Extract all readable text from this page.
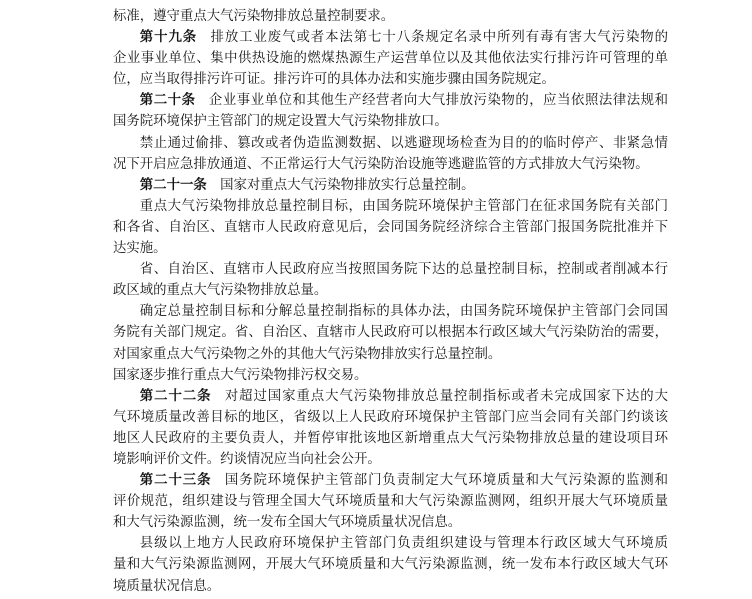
标准，遵守重点大气污染物排放总量控制要求。
第十九条 排放工业废气或者本法第七十八条规定名录中所列有毒有害大气污染物的
企业事业单位、集中供热设施的燃煤热源生产运营单位以及其他依法实行排污许可管理的单
位，应当取得排污许可证。排污许可的具体办法和实施步骤由国务院规定。
第二十条 企业事业单位和其他生产经营者向大气排放污染物的，应当依照法律法规和
国务院环境保护主管部门的规定设置大气污染物排放口。
禁止通过偷排、篡改或者伪造监测数据、以逃避现场检查为目的的临时停产、非紧急情
况下开启应急排放通道、不正常运行大气污染防治设施等逃避监管的方式排放大气污染物。
第二十一条 国家对重点大气污染物排放实行总量控制。
重点大气污染物排放总量控制目标，由国务院环境保护主管部门在征求国务院有关部门
和各省、自治区、直辖市人民政府意见后，会同国务院经济综合主管部门报国务院批准并下
达实施。
省、自治区、直辖市人民政府应当按照国务院下达的总量控制目标，控制或者削减本行
政区域的重点大气污染物排放总量。
确定总量控制目标和分解总量控制指标的具体办法，由国务院环境保护主管部门会同国
务院有关部门规定。省、自治区、直辖市人民政府可以根据本行政区域大气污染防治的需要，
对国家重点大气污染物之外的其他大气污染物排放实行总量控制。
国家逐步推行重点大气污染物排污权交易。
第二十二条 对超过国家重点大气污染物排放总量控制指标或者未完成国家下达的大
气环境质量改善目标的地区，省级以上人民政府环境保护主管部门应当会同有关部门约谈该
地区人民政府的主要负责人，并暂停审批该地区新增重点大气污染物排放总量的建设项目环
境影响评价文件。约谈情况应当向社会公开。
第二十三条 国务院环境保护主管部门负责制定大气环境质量和大气污染源的监测和
评价规范，组织建设与管理全国大气环境质量和大气污染源监测网，组织开展大气环境质量
和大气污染源监测，统一发布全国大气环境质量状况信息。
县级以上地方人民政府环境保护主管部门负责组织建设与管理本行政区域大气环境质
量和大气污染源监测网，开展大气环境质量和大气污染源监测，统一发布本行政区域大气环
境质量状况信息。
